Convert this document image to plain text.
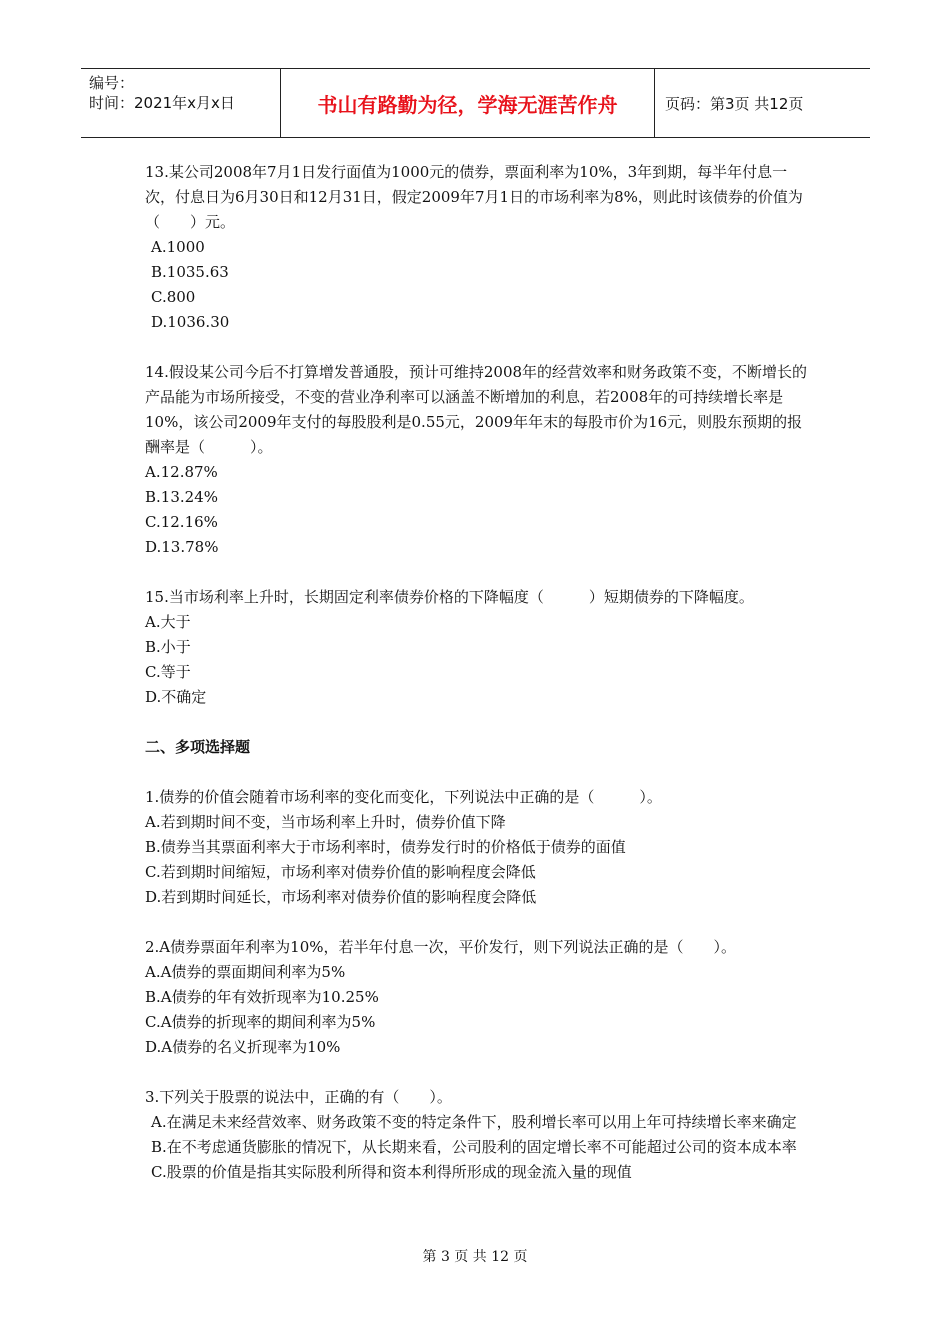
编号：
时间：2021年x月x日	书山有路勤为径，学海无涯苦作舟	页码：第3页 共12页

13.某公司2008年7月1日发行面值为1000元的债券，票面利率为10%，3年到期，每半年付息一次，付息日为6月30日和12月31日，假定2009年7月1日的市场利率为8%，则此时该债券的价值为（　　）元。

A.1000

B.1035.63

C.800

D.1036.30

14.假设某公司今后不打算增发普通股，预计可维持2008年的经营效率和财务政策不变，不断增长的产品能为市场所接受，不变的营业净利率可以涵盖不断增加的利息，若2008年的可持续增长率是10%，该公司2009年支付的每股股利是0.55元，2009年年末的每股市价为16元，则股东预期的报酬率是（　　　）。

A.12.87%

B.13.24%

C.12.16%

D.13.78%

15.当市场利率上升时，长期固定利率债券价格的下降幅度（　　　）短期债券的下降幅度。

A.大于

B.小于

C.等于

D.不确定

二、多项选择题

1.债券的价值会随着市场利率的变化而变化，下列说法中正确的是（　　　）。

A.若到期时间不变，当市场利率上升时，债券价值下降

B.债券当其票面利率大于市场利率时，债券发行时的价格低于债券的面值

C.若到期时间缩短，市场利率对债券价值的影响程度会降低

D.若到期时间延长，市场利率对债券价值的影响程度会降低

2.A债券票面年利率为10%，若半年付息一次，平价发行，则下列说法正确的是（　　）。

A.A债券的票面期间利率为5%

B.A债券的年有效折现率为10.25%

C.A债券的折现率的期间利率为5%

D.A债券的名义折现率为10%

3.下列关于股票的说法中，正确的有（　　）。

A.在满足未来经营效率、财务政策不变的特定条件下，股利增长率可以用上年可持续增长率来确定

B.在不考虑通货膨胀的情况下，从长期来看，公司股利的固定增长率不可能超过公司的资本成本率

C.股票的价值是指其实际股利所得和资本利得所形成的现金流入量的现值

第 3 页 共 12 页
